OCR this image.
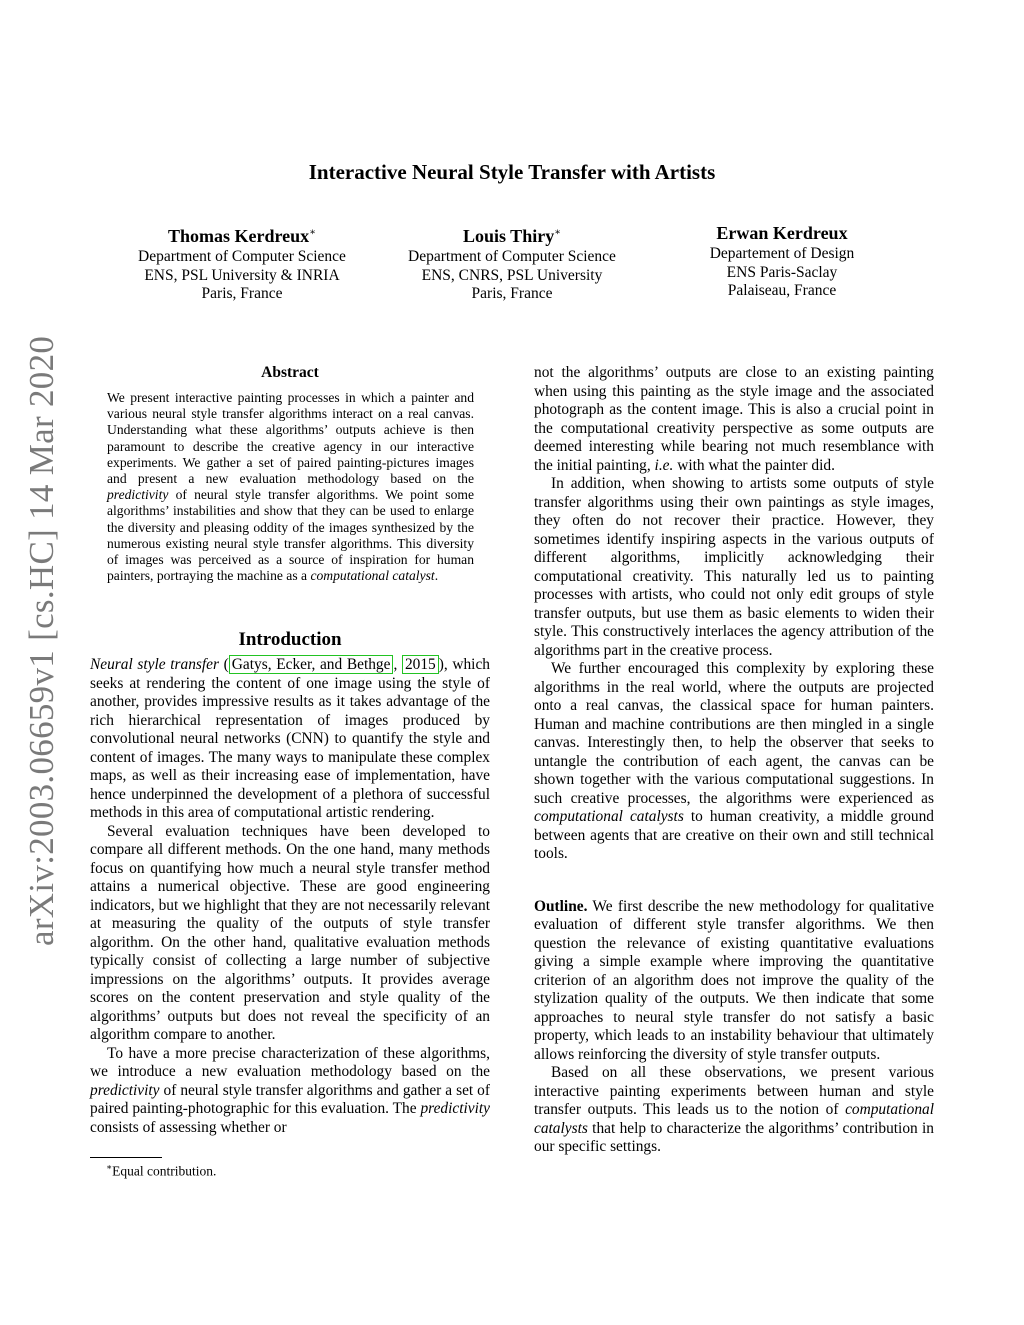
Interactive Neural Style Transfer with Artists
Thomas Kerdreux∗
Department of Computer Science
ENS, PSL University & INRIA
Paris, France
Louis Thiry∗
Department of Computer Science
ENS, CNRS, PSL University
Paris, France
Erwan Kerdreux
Departement of Design
ENS Paris-Saclay
Palaiseau, France
arXiv:2003.06659v1 [cs.HC] 14 Mar 2020	Abstract
We present interactive painting processes in which a painter and various neural style transfer algorithms interact on a real canvas. Understanding what these algorithms’ outputs achieve is then paramount to describe the creative agency in our interactive experiments. We gather a set of paired painting-pictures images and present a new evaluation methodology based on the predictivity of neural style transfer algorithms. We point some algorithms’ instabilities and show that they can be used to enlarge the diversity and pleasing oddity of the images synthesized by the numerous existing neural style transfer algorithms. This diversity of images was perceived as a source of inspiration for human painters, portraying the machine as a computational catalyst.
Introduction

Neural style transfer ( Gatys, Ecker, and Bethge , 2015 ), which seeks at rendering the content of one image using the style of another, provides impressive results as it takes advantage of the rich hierarchical representation of images produced by convolutional neural networks (CNN) to quantify the style and content of images. The many ways to manipulate these complex maps, as well as their increasing ease of implementation, have hence underpinned the development of a plethora of successful methods in this area of computational artistic rendering.

Several evaluation techniques have been developed to compare all different methods. On the one hand, many methods focus on quantifying how much a neural style transfer method attains a numerical objective. These are good engineering indicators, but we highlight that they are not necessarily relevant at measuring the quality of the outputs of style transfer algorithm. On the other hand, qualitative evaluation methods typically consist of collecting a large number of subjective impressions on the algorithms’ outputs. It provides average scores on the content preservation and style quality of the algorithms’ outputs but does not reveal the specificity of an algorithm compare to another.

To have a more precise characterization of these algorithms, we introduce a new evaluation methodology based on the predictivity of neural style transfer algorithms and gather a set of paired painting-photographic for this evaluation. The predictivity consists of assessing whether or

∗Equal contribution.

not the algorithms’ outputs are close to an existing painting when using this painting as the style image and the associated photograph as the content image. This is also a crucial point in the computational creativity perspective as some outputs are deemed interesting while bearing not much resemblance with the initial painting, i.e. with what the painter did.

In addition, when showing to artists some outputs of style transfer algorithms using their own paintings as style images, they often do not recover their practice. However, they sometimes identify inspiring aspects in the various outputs of different algorithms, implicitly acknowledging their computational creativity. This naturally led us to painting processes with artists, who could not only edit groups of style transfer outputs, but use them as basic elements to widen their style. This constructively interlaces the agency attribution of the algorithms part in the creative process.

We further encouraged this complexity by exploring these algorithms in the real world, where the outputs are projected onto a real canvas, the classical space for human painters. Human and machine contributions are then mingled in a single canvas. Interestingly then, to help the observer that seeks to untangle the contribution of each agent, the canvas can be shown together with the various computational suggestions. In such creative processes, the algorithms were experienced as computational catalysts to human creativity, a middle ground between agents that are creative on their own and still technical tools.

Outline. We first describe the new methodology for qualitative evaluation of different style transfer algorithms. We then question the relevance of existing quantitative evaluations giving a simple example where improving the quantitative criterion of an algorithm does not improve the quality of the stylization quality of the outputs. We then indicate that some approaches to neural style transfer do not satisfy a basic property, which leads to an instability behaviour that ultimately allows reinforcing the diversity of style transfer outputs.

Based on all these observations, we present various interactive painting experiments between human and style transfer outputs. This leads us to the notion of computational catalysts that help to characterize the algorithms’ contribution in our specific settings.
